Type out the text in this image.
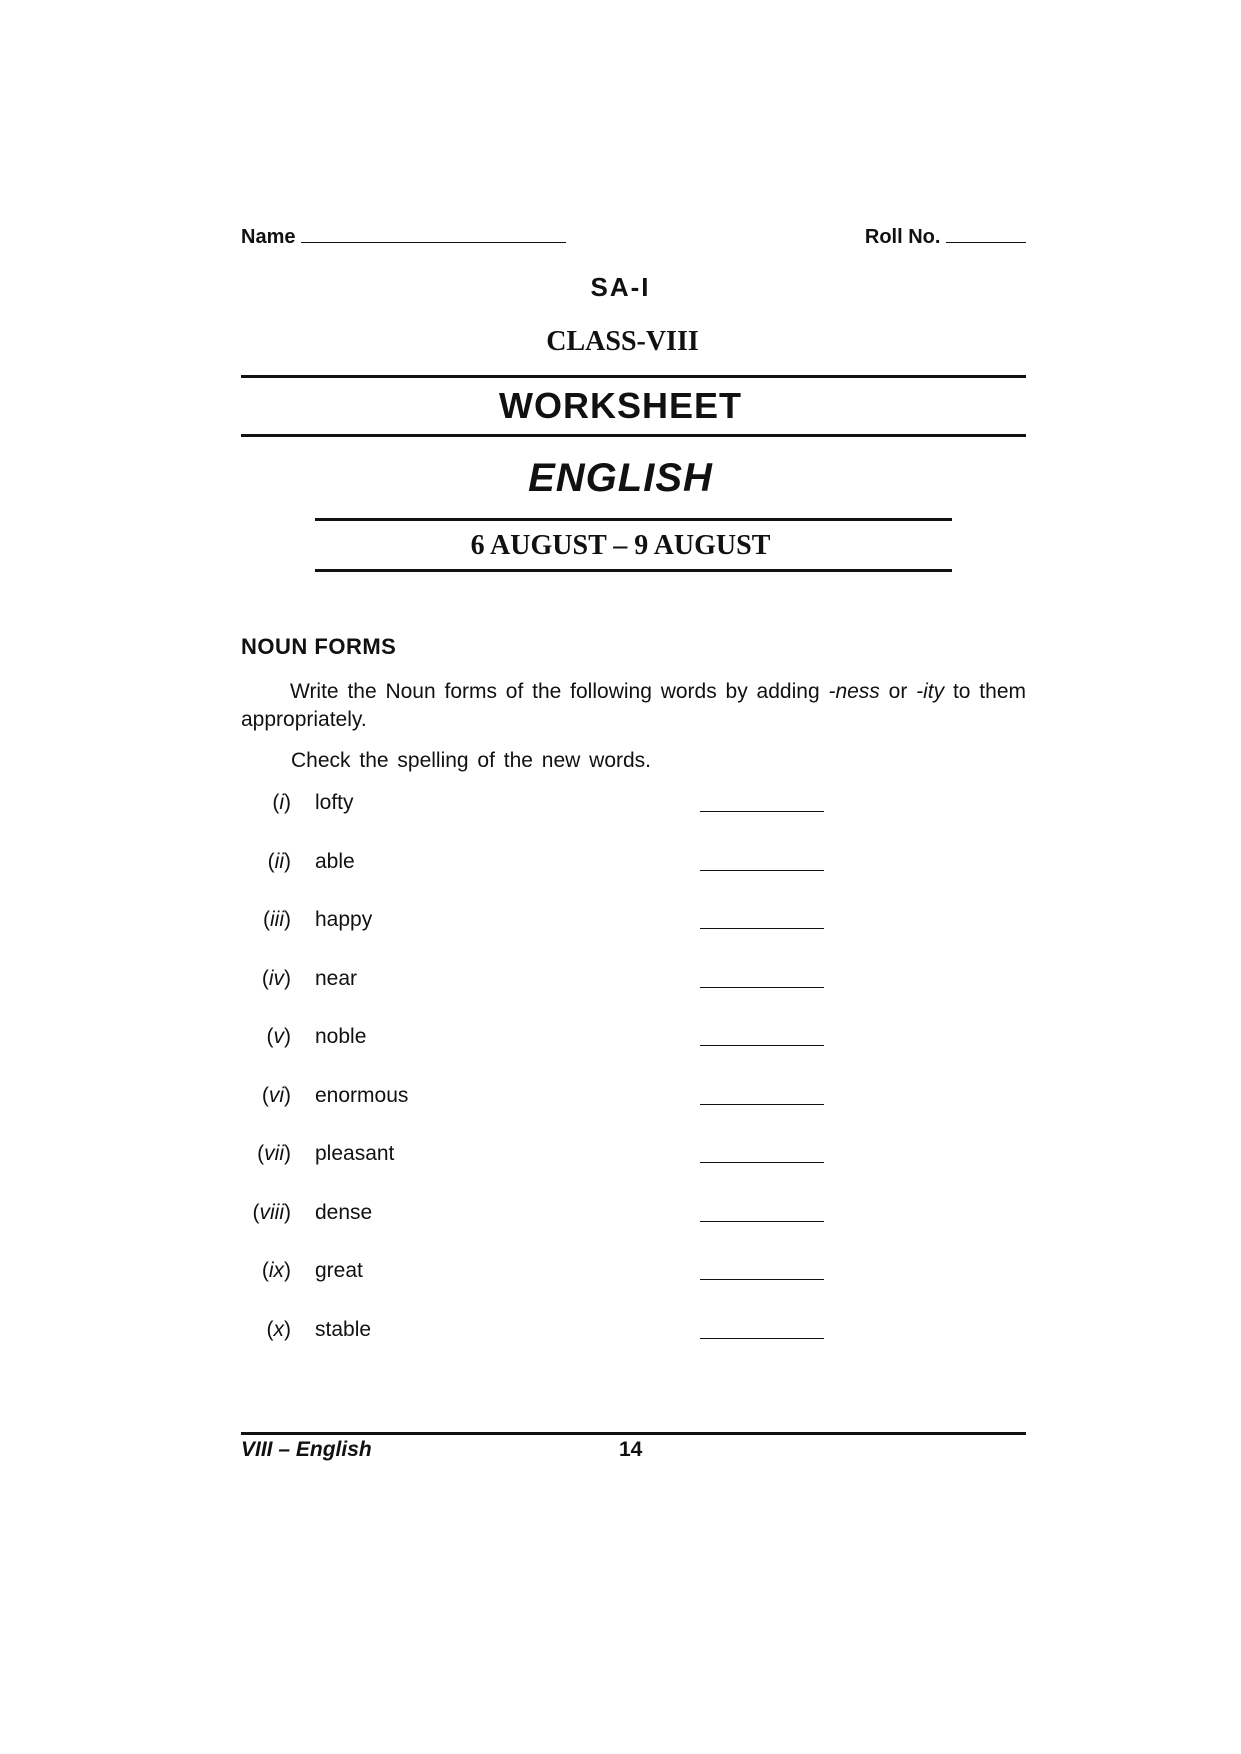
Name	Roll No.
SA-I
CLASS-VIII
WORKSHEET
ENGLISH
6 AUGUST – 9 AUGUST
NOUN FORMS
Write the Noun forms of the following words by adding -ness or -ity to them appropriately.
Check the spelling of the new words.
(i) lofty
(ii) able
(iii) happy
(iv) near
(v) noble
(vi) enormous
(vii) pleasant
(viii) dense
(ix) great
(x) stable
VIII – English	14
